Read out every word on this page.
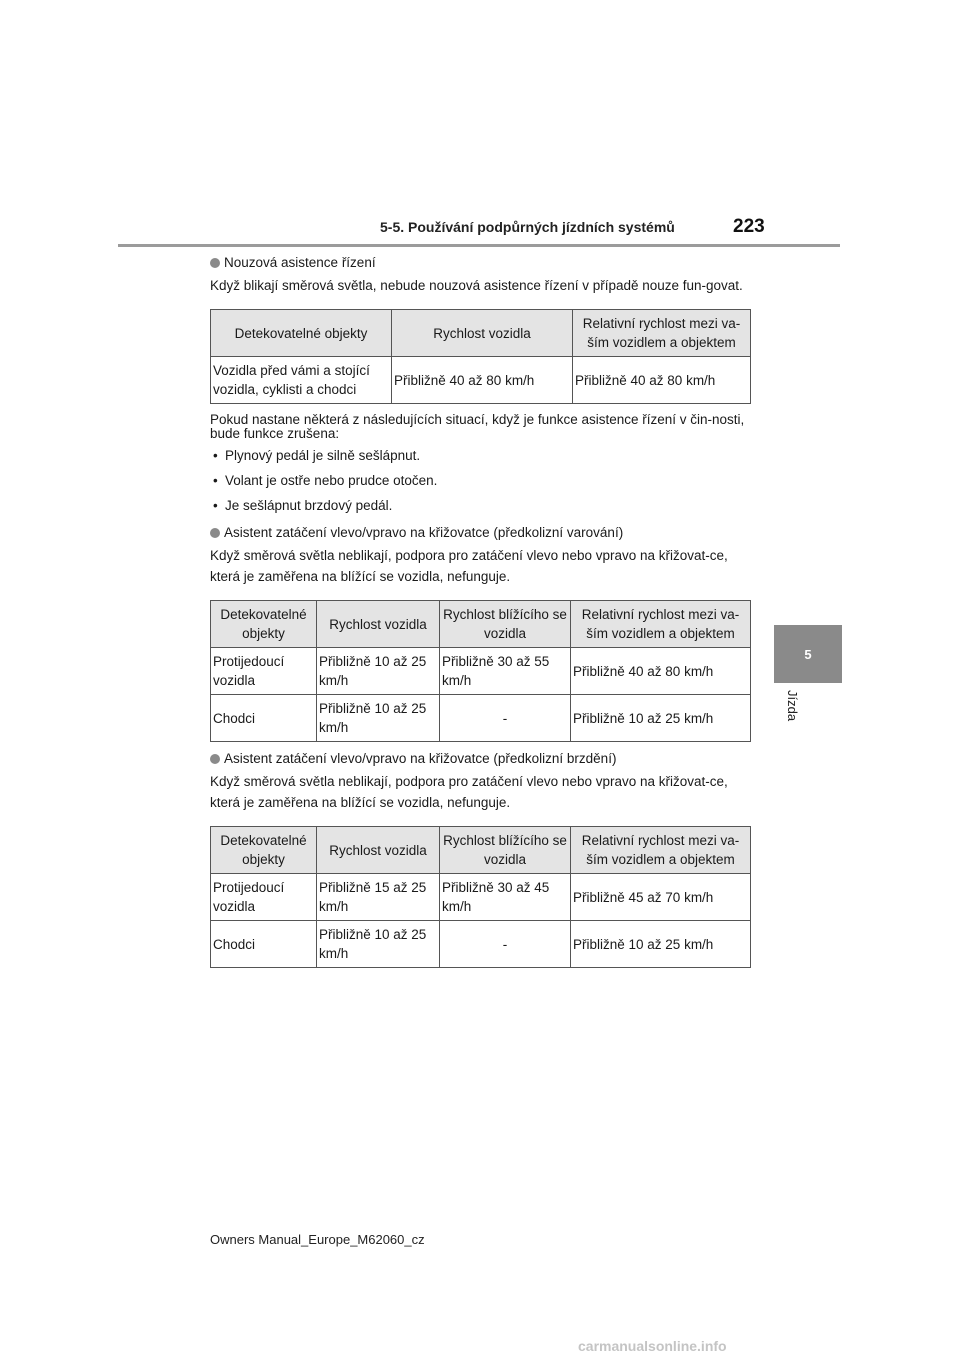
5-5. Používání podpůrných jízdních systémů	223
5
Jízda
Nouzová asistence řízení

Když blikají směrová světla, nebude nouzová asistence řízení v případě nouze fun-govat.

Detekovatelné objekty	Rychlost vozidla	Relativní rychlost mezi va-ším vozidlem a objektem
Vozidla před vámi a stojící vozidla, cyklisti a chodci	Přibližně 40 až 80 km/h	Přibližně 40 až 80 km/h

Pokud nastane některá z následujících situací, když je funkce asistence řízení v čin-nosti, bude funkce zrušena:

• Plynový pedál je silně sešlápnut.
• Volant je ostře nebo prudce otočen.
• Je sešlápnut brzdový pedál.
Asistent zatáčení vlevo/vpravo na křižovatce (předkolizní varování)

Když směrová světla neblikají, podpora pro zatáčení vlevo nebo vpravo na křižovat-ce, která je zaměřena na blížící se vozidla, nefunguje.

Detekovatelné objekty	Rychlost vozidla	Rychlost blížícího se vozidla	Relativní rychlost mezi va-ším vozidlem a objektem
Protijedoucí vozidla	Přibližně 10 až 25 km/h	Přibližně 30 až 55 km/h	Přibližně 40 až 80 km/h
Chodci	Přibližně 10 až 25 km/h	-	Přibližně 10 až 25 km/h
Asistent zatáčení vlevo/vpravo na křižovatce (předkolizní brzdění)

Když směrová světla neblikají, podpora pro zatáčení vlevo nebo vpravo na křižovat-ce, která je zaměřena na blížící se vozidla, nefunguje.

Detekovatelné objekty	Rychlost vozidla	Rychlost blížícího se vozidla	Relativní rychlost mezi va-ším vozidlem a objektem
Protijedoucí vozidla	Přibližně 15 až 25 km/h	Přibližně 30 až 45 km/h	Přibližně 45 až 70 km/h
Chodci	Přibližně 10 až 25 km/h	-	Přibližně 10 až 25 km/h
Owners Manual_Europe_M62060_cz
carmanualsonline.info
